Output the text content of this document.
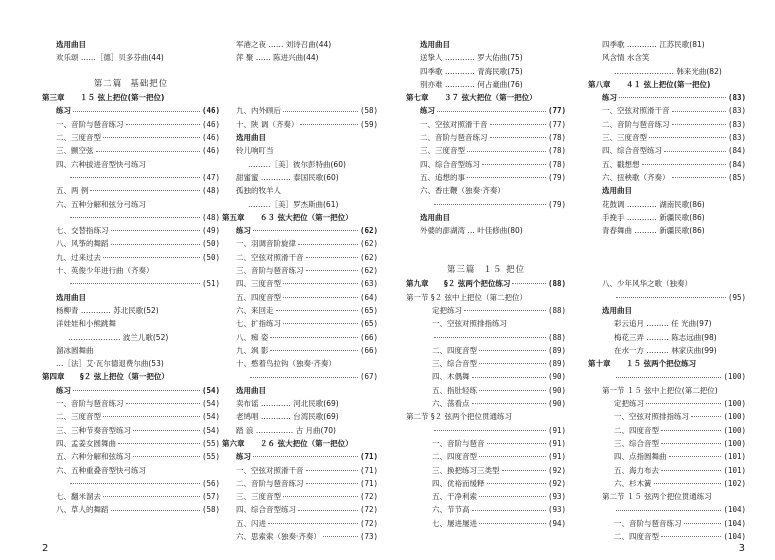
选用曲目
欢乐颂 ……［德］贝多芬曲(44)
第二篇 基础把位
第三章	１５ 弦上把位(第一把位)
练习	(46)
一、音阶与琶音练习	(46)
二、三度音型	(46)
三、颤空弦	(46)
四、六种拔进音型快弓练习
(47)
五、两 例	(48)
六、五种分解和弦分弓练习
(48)
七、交替指练习	(49)
八、风筝的舞蹈	(50)
九、过来过去	(50)
十、英俊少年进行曲（齐奏）
(51)
选用曲目
杨柳青 ………… 苏北民歌(52)
洋娃娃和小熊跳舞
………………… 波兰儿歌(52)
溜冰圆舞曲
…［法］艾·瓦尔德退费尔曲(53)
第四章	§２ 弦上把位（第一把位）
练习	(54)
一、音阶与琶音练习	(54)
二、三度音型	(54)
三、三种节奏音型练习	(54)
四、孟姜女圆舞曲	(55)
五、六种分解和弦练习	(55)
六、五种重叠音型快弓练习
(56)
七、翻米溜去	(57)
八、草人的舞蹈	(58)
军港之夜 …… 刘诗召曲(44)
萍 聚 …… 陈进兴曲(44)
九、内外顾后	(58)
十、陕 调（齐奏）	(59)
选用曲目
铃儿响叮当
………［美］彼尔彭特曲(60)
甜蜜蜜 ………… 泰国民歌(60)
孤独的牧羊人
………［美］罗杰斯曲(61)
第五章	６３ 弦大把位（第一把位）
练习	(62)
一、羽调音阶旋律	(62)
二、空弦对照滑干音	(62)
三、音阶与琶音练习	(62)
四、三度音型	(63)
五、四度音型	(64)
六、来回走	(65)
七、扩指练习	(65)
八、痴 姿	(66)
九、飒 影	(66)
十、憨着鸟拉钩（独奏·齐奏）
(67)
选用曲目
卖布谣 ………… 河北民歌(69)
老鸠唱 ………… 台湾民歌(69)
踏 浪 …………… 古 月曲(70)
第六章	２６ 弦大把位（第一把位）
练习	(71)
一、空弦对照滑干音	(71)
二、音阶与琶音练习	(71)
三、三度音型	(72)
四、综合音型练习	(72)
五、闪进	(72)
六、思索索（独奏·齐奏）	(73)
选用曲目
送挚人 ………… 罗大佑曲(75)
四季歌 ………… 青海民歌(75)
别亦难 ………… 何占豪曲(76)
第七章	３７ 弦大把位（第一把位）
练习	(77)
一、空弦对照滑干音	(77)
二、音阶与琶音练习	(78)
三、三度音型	(78)
四、综合音型练习	(78)
五、追想的事	(79)
六、香庄鞭（独奏·齐奏）
(79)
选用曲目
外婆的澎湖湾 … 叶佳修曲(80)
第三篇 １５ 把位
第九章	§２ 弦两个把位练习	(88)
第一节 §２ 弦中上把位（第二把位）
定把练习	(88)
一、空弦对照排指练习
(88)
二、四度音型	(89)
三、综合音型	(89)
四、木偶舞	(90)
五、指肚轻练	(90)
六、荡看点	(90)
第二节 §２ 弦两个把位贯通练习
(91)
一、音阶与琶音	(91)
二、四度音型	(91)
三、换把练习三类型	(92)
四、优裕而缓释	(92)
五、干净利索	(93)
六、节节高	(93)
七、屡进屡进	(94)
四季歌 ………… 江苏民歌(81)
风含情 水含笑
…………………… 韩来光曲(82)
第八章	４１ 弦上把位(第一把位)
练习	(83)
一、空弦对照滑干音	(83)
二、音阶与琶音练习	(83)
三、三度音型	(83)
四、综合音型练习	(84)
五、戳想想	(84)
六、扭秧歌（齐奏）	(85)
选用曲目
花鼓调 ………… 湖南民歌(86)
手挽手 ………… 新疆民歌(86)
青春舞曲 ……… 新疆民歌(86)
八、少年风华之歌（独奏）
(95)
选用曲目
彩云追月 ……… 任 光曲(97)
梅花三弄 ……… 陈志远曲(98)
在水一方 ……… 林家庆曲(99)
第十章	１５ 弦两个把位练习
(100)
第一节 １５ 弦中上把位(第二把位)
定把练习	(100)
一、空弦对照排指练习	(100)
二、四度音型	(100)
三、综合音型	(100)
四、点指圆舞曲	(101)
五、海力布去	(101)
六、杉木簧	(102)
第二节 １５ 弦两个把位贯通练习
(104)
一、音阶与琶音练习	(104)
二、四度音型	(104)
2	3
